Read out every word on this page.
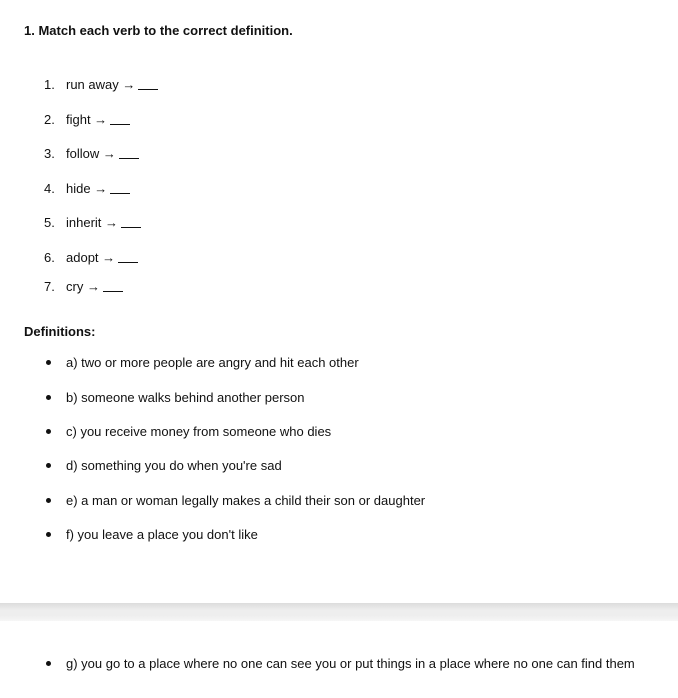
1. Match each verb to the correct definition.
1. run away →
2. fight →
3. follow →
4. hide →
5. inherit →
6. adopt →
7. cry →
Definitions:
a) two or more people are angry and hit each other
b) someone walks behind another person
c) you receive money from someone who dies
d) something you do when you're sad
e) a man or woman legally makes a child their son or daughter
f) you leave a place you don't like
g) you go to a place where no one can see you or put things in a place where no one can find them
